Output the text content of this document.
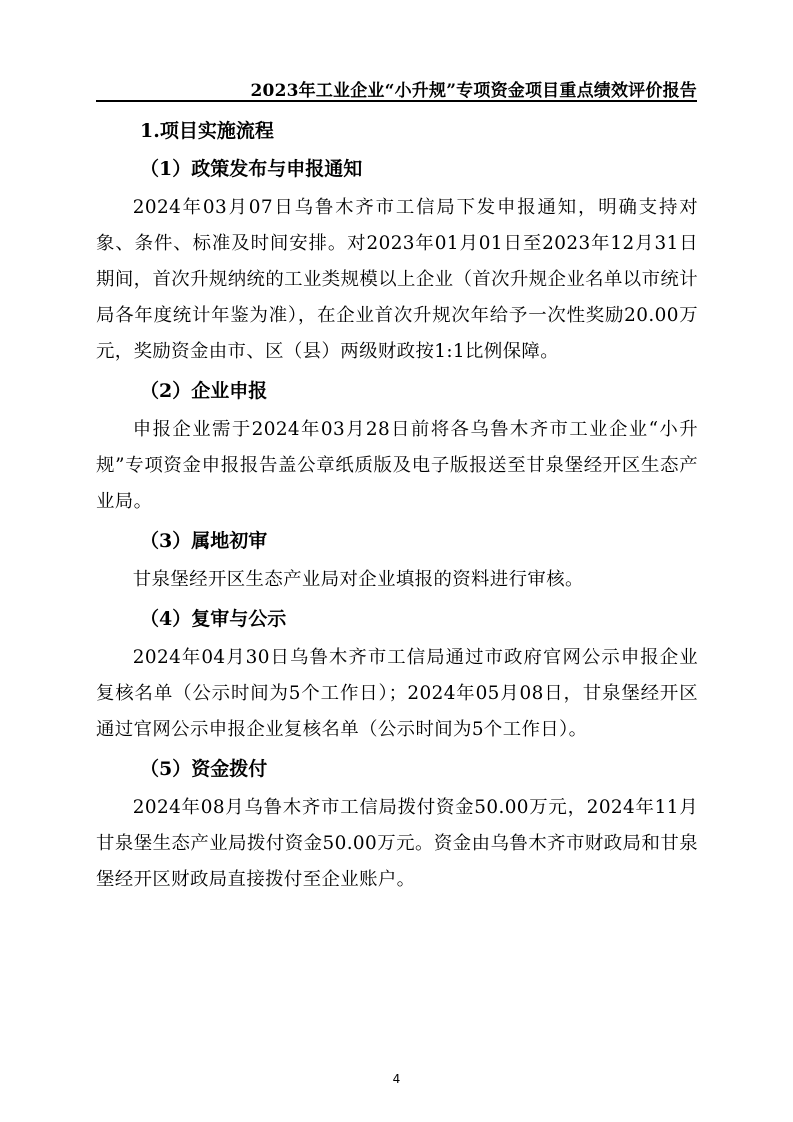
2023年工业企业“小升规”专项资金项目重点绩效评价报告
1.项目实施流程
（1）政策发布与申报通知

2024年03月07日乌鲁木齐市工信局下发申报通知，明确支持对象、条件、标准及时间安排。对2023年01月01日至2023年12月31日期间，首次升规纳统的工业类规模以上企业（首次升规企业名单以市统计局各年度统计年鉴为准），在企业首次升规次年给予一次性奖励20.00万元，奖励资金由市、区（县）两级财政按1:1比例保障。

（2）企业申报

申报企业需于2024年03月28日前将各乌鲁木齐市工业企业“小升规”专项资金申报报告盖公章纸质版及电子版报送至甘泉堡经开区生态产业局。

（3）属地初审

甘泉堡经开区生态产业局对企业填报的资料进行审核。

（4）复审与公示

2024年04月30日乌鲁木齐市工信局通过市政府官网公示申报企业复核名单（公示时间为5个工作日）；2024年05月08日，甘泉堡经开区通过官网公示申报企业复核名单（公示时间为5个工作日）。

（5）资金拨付

2024年08月乌鲁木齐市工信局拨付资金50.00万元，2024年11月甘泉堡生态产业局拨付资金50.00万元。资金由乌鲁木齐市财政局和甘泉堡经开区财政局直接拨付至企业账户。

4
